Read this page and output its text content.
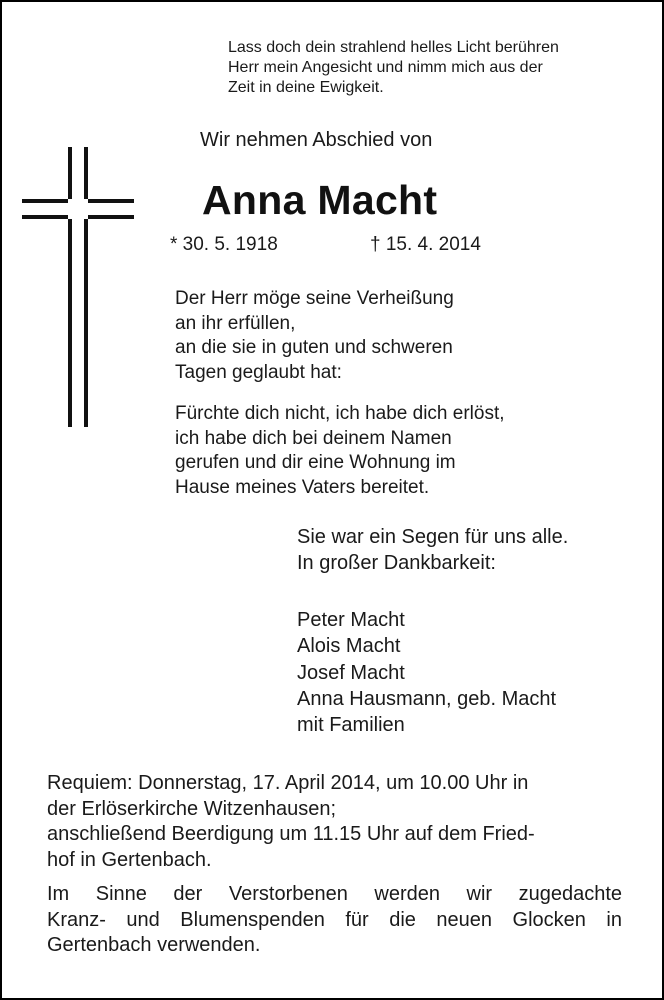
Lass doch dein strahlend helles Licht berühren
Herr mein Angesicht und nimm mich aus der
Zeit in deine Ewigkeit.
Wir nehmen Abschied von
Anna Macht
* 30. 5. 1918	† 15. 4. 2014
Der Herr möge seine Verheißung
an ihr erfüllen,
an die sie in guten und schweren
Tagen geglaubt hat:
Fürchte dich nicht, ich habe dich erlöst,
ich habe dich bei deinem Namen
gerufen und dir eine Wohnung im
Hause meines Vaters bereitet.
Sie war ein Segen für uns alle.
In großer Dankbarkeit:
Peter Macht
Alois Macht
Josef Macht
Anna Hausmann, geb. Macht
mit Familien
Requiem: Donnerstag, 17. April 2014, um 10.00 Uhr in
der Erlöserkirche Witzenhausen;
anschließend Beerdigung um 11.15 Uhr auf dem Fried-
hof in Gertenbach.
Im Sinne der Verstorbenen werden wir zugedachte
Kranz- und Blumenspenden für die neuen Glocken in
Gertenbach verwenden.
